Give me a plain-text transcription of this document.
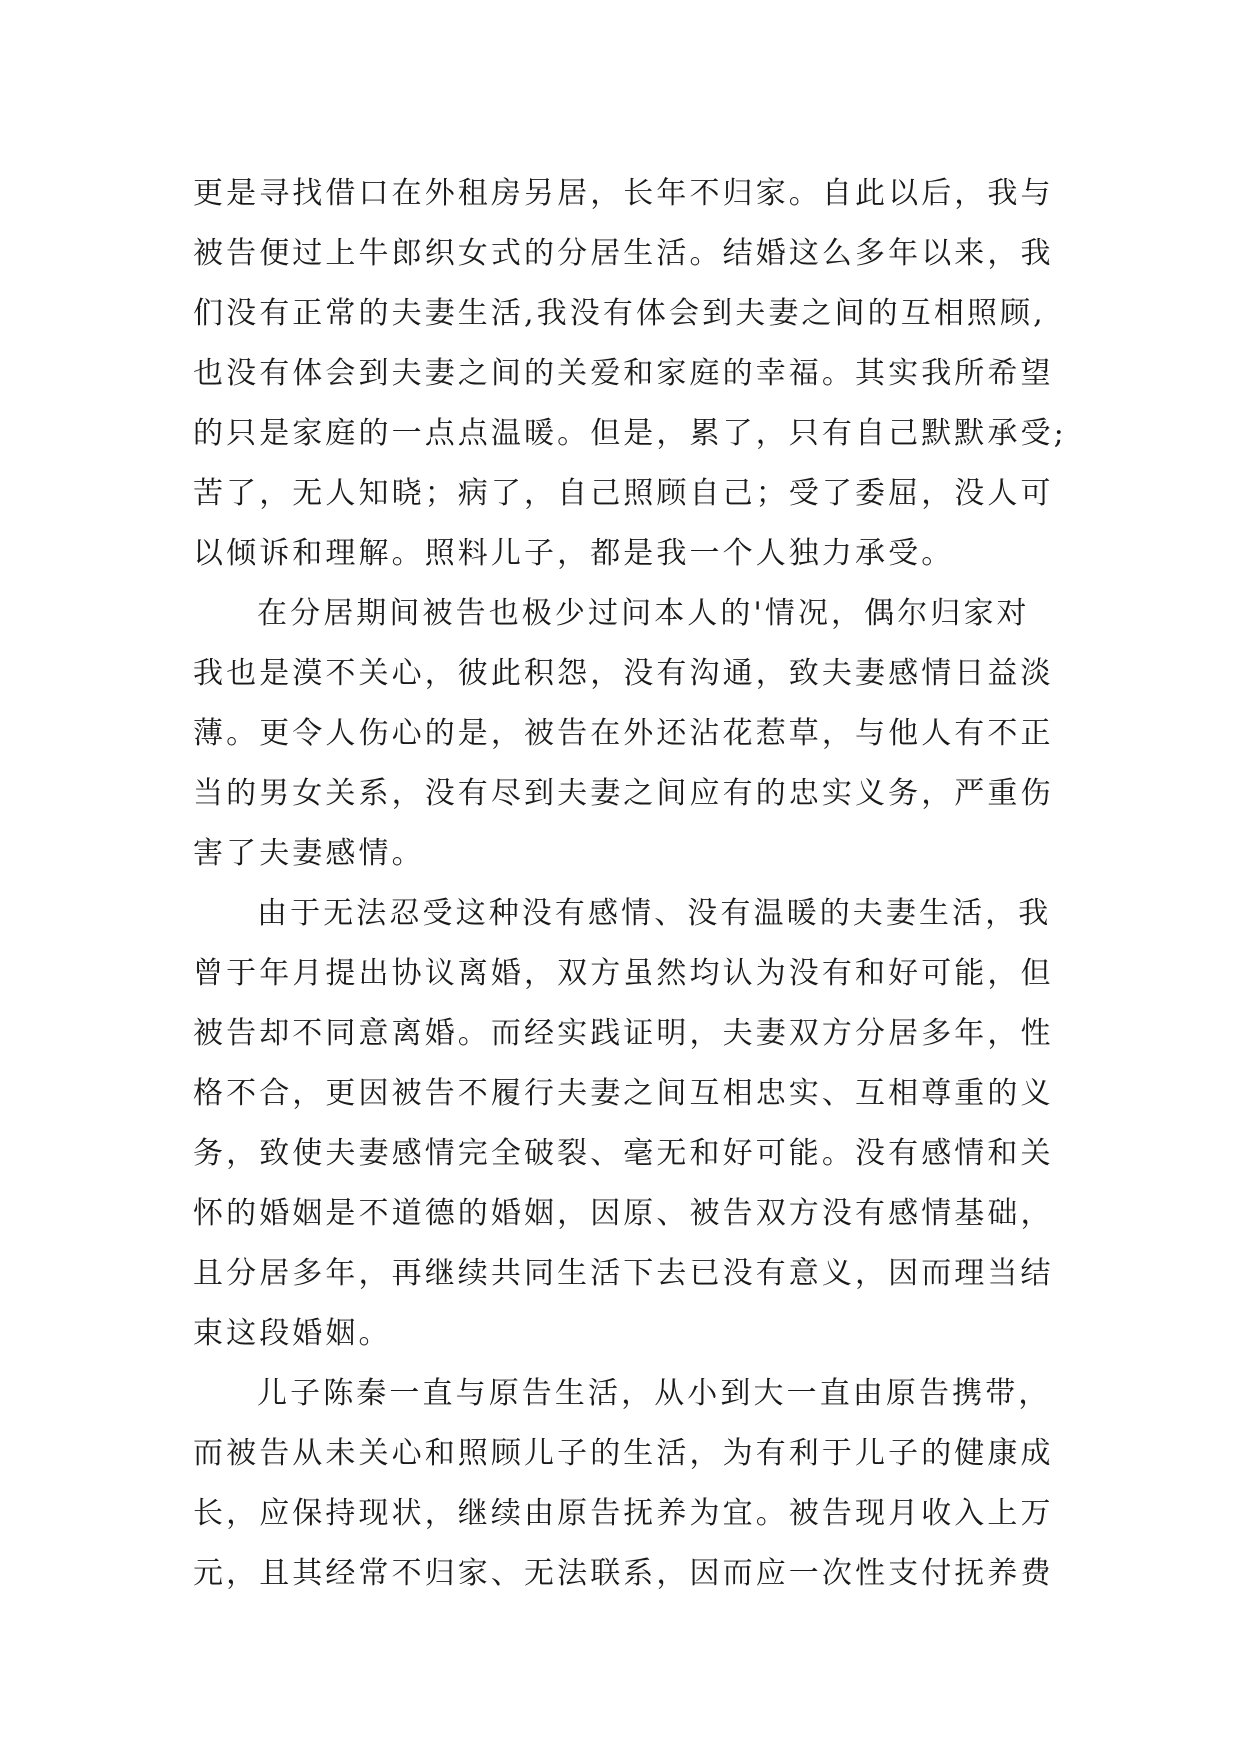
更是寻找借口在外租房另居，长年不归家。自此以后，我与
被告便过上牛郎织女式的分居生活。结婚这么多年以来，我
们没有正常的夫妻生活,我没有体会到夫妻之间的互相照顾,
也没有体会到夫妻之间的关爱和家庭的幸福。其实我所希望
的只是家庭的一点点温暖。但是，累了，只有自己默默承受;
苦了，无人知晓；病了，自己照顾自己；受了委屈，没人可
以倾诉和理解。照料儿子，都是我一个人独力承受。
在分居期间被告也极少过问本人的'情况，偶尔归家对
我也是漠不关心，彼此积怨，没有沟通，致夫妻感情日益淡
薄。更令人伤心的是，被告在外还沾花惹草，与他人有不正
当的男女关系，没有尽到夫妻之间应有的忠实义务，严重伤
害了夫妻感情。
由于无法忍受这种没有感情、没有温暖的夫妻生活，我
曾于年月提出协议离婚，双方虽然均认为没有和好可能，但
被告却不同意离婚。而经实践证明，夫妻双方分居多年，性
格不合，更因被告不履行夫妻之间互相忠实、互相尊重的义
务，致使夫妻感情完全破裂、毫无和好可能。没有感情和关
怀的婚姻是不道德的婚姻，因原、被告双方没有感情基础，
且分居多年，再继续共同生活下去已没有意义，因而理当结
束这段婚姻。
儿子陈秦一直与原告生活，从小到大一直由原告携带，
而被告从未关心和照顾儿子的生活，为有利于儿子的健康成
长，应保持现状，继续由原告抚养为宜。被告现月收入上万
元，且其经常不归家、无法联系，因而应一次性支付抚养费
